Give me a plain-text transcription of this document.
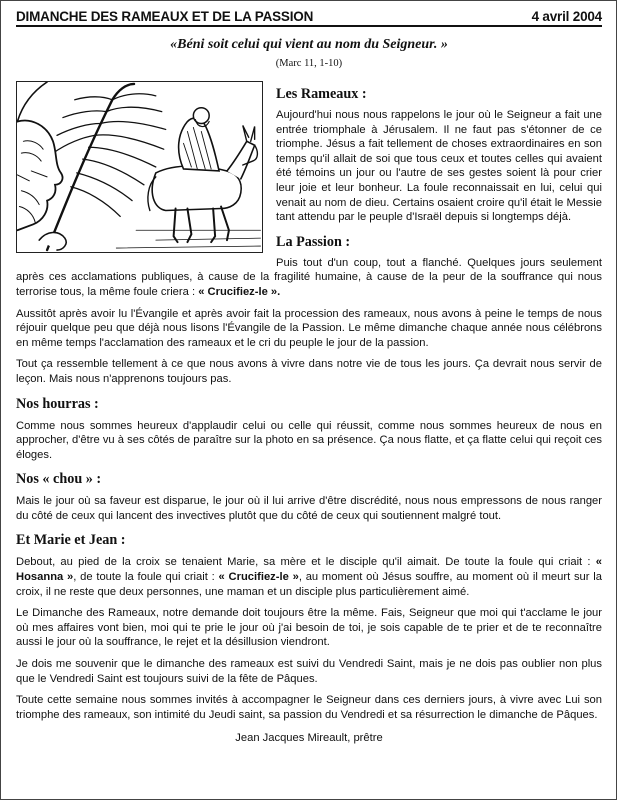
DIMANCHE DES RAMEAUX ET DE LA PASSION	4 avril 2004
«Béni soit celui qui vient au nom du Seigneur. »
(Marc 11, 1-10)
Les Rameaux :

Aujourd'hui nous nous rappelons le jour où le Seigneur a fait une entrée triomphale à Jérusalem. Il ne faut pas s'étonner de ce triomphe. Jésus a fait tellement de choses extraordinaires en son temps qu'il allait de soi que tous ceux et toutes celles qui avaient été témoins un jour ou l'autre de ses gestes soient là pour crier leur joie et leur bonheur. La foule reconnaissait en lui, celui qui venait au nom de dieu. Certains osaient croire qu'il était le Messie tant attendu par le peuple d'Israël depuis si longtemps déjà.

La Passion :

Puis tout d'un coup, tout a flanché. Quelques jours seulement après ces acclamations publiques, à cause de la fragilité humaine, à cause de la peur de la souffrance qui nous terrorise tous, la même foule criera : « Crucifiez-le ».

Aussitôt après avoir lu l'Évangile et après avoir fait la procession des rameaux, nous avons à peine le temps de nous réjouir quelque peu que déjà nous lisons l'Évangile de la Passion. Le même dimanche chaque année nous célébrons en même temps l'acclamation des rameaux et le cri du peuple le jour de la passion.

Tout ça ressemble tellement à ce que nous avons à vivre dans notre vie de tous les jours. Ça devrait nous servir de leçon. Mais nous n'apprenons toujours pas.

Nos hourras :

Comme nous sommes heureux d'applaudir celui ou celle qui réussit, comme nous sommes heureux de nous en approcher, d'être vu à ses côtés de paraître sur la photo en sa présence. Ça nous flatte, et ça flatte celui qui reçoit ces éloges.

Nos « chou » :

Mais le jour où sa faveur est disparue, le jour où il lui arrive d'être discrédité, nous nous empressons de nous ranger du côté de ceux qui lancent des invectives plutôt que du côté de ceux qui soutiennent malgré tout.

Et Marie et Jean :

Debout, au pied de la croix se tenaient Marie, sa mère et le disciple qu'il aimait. De toute la foule qui criait : « Hosanna », de toute la foule qui criait : « Crucifiez-le », au moment où Jésus souffre, au moment où il meurt sur la croix, il ne reste que deux personnes, une maman et un disciple plus particulièrement aimé.

Le Dimanche des Rameaux, notre demande doit toujours être la même. Fais, Seigneur que moi qui t'acclame le jour où mes affaires vont bien, moi qui te prie le jour où j'ai besoin de toi, je sois capable de te prier et de te reconnaître aussi le jour où la souffrance, le rejet et la désillusion viendront.

Je dois me souvenir que le dimanche des rameaux est suivi du Vendredi Saint, mais je ne dois pas oublier non plus que le Vendredi Saint est toujours suivi de la fête de Pâques.

Toute cette semaine nous sommes invités à accompagner le Seigneur dans ces derniers jours, à vivre avec Lui son triomphe des rameaux, son intimité du Jeudi saint, sa passion du Vendredi et sa résurrection le dimanche de Pâques.

Jean Jacques Mireault, prêtre
